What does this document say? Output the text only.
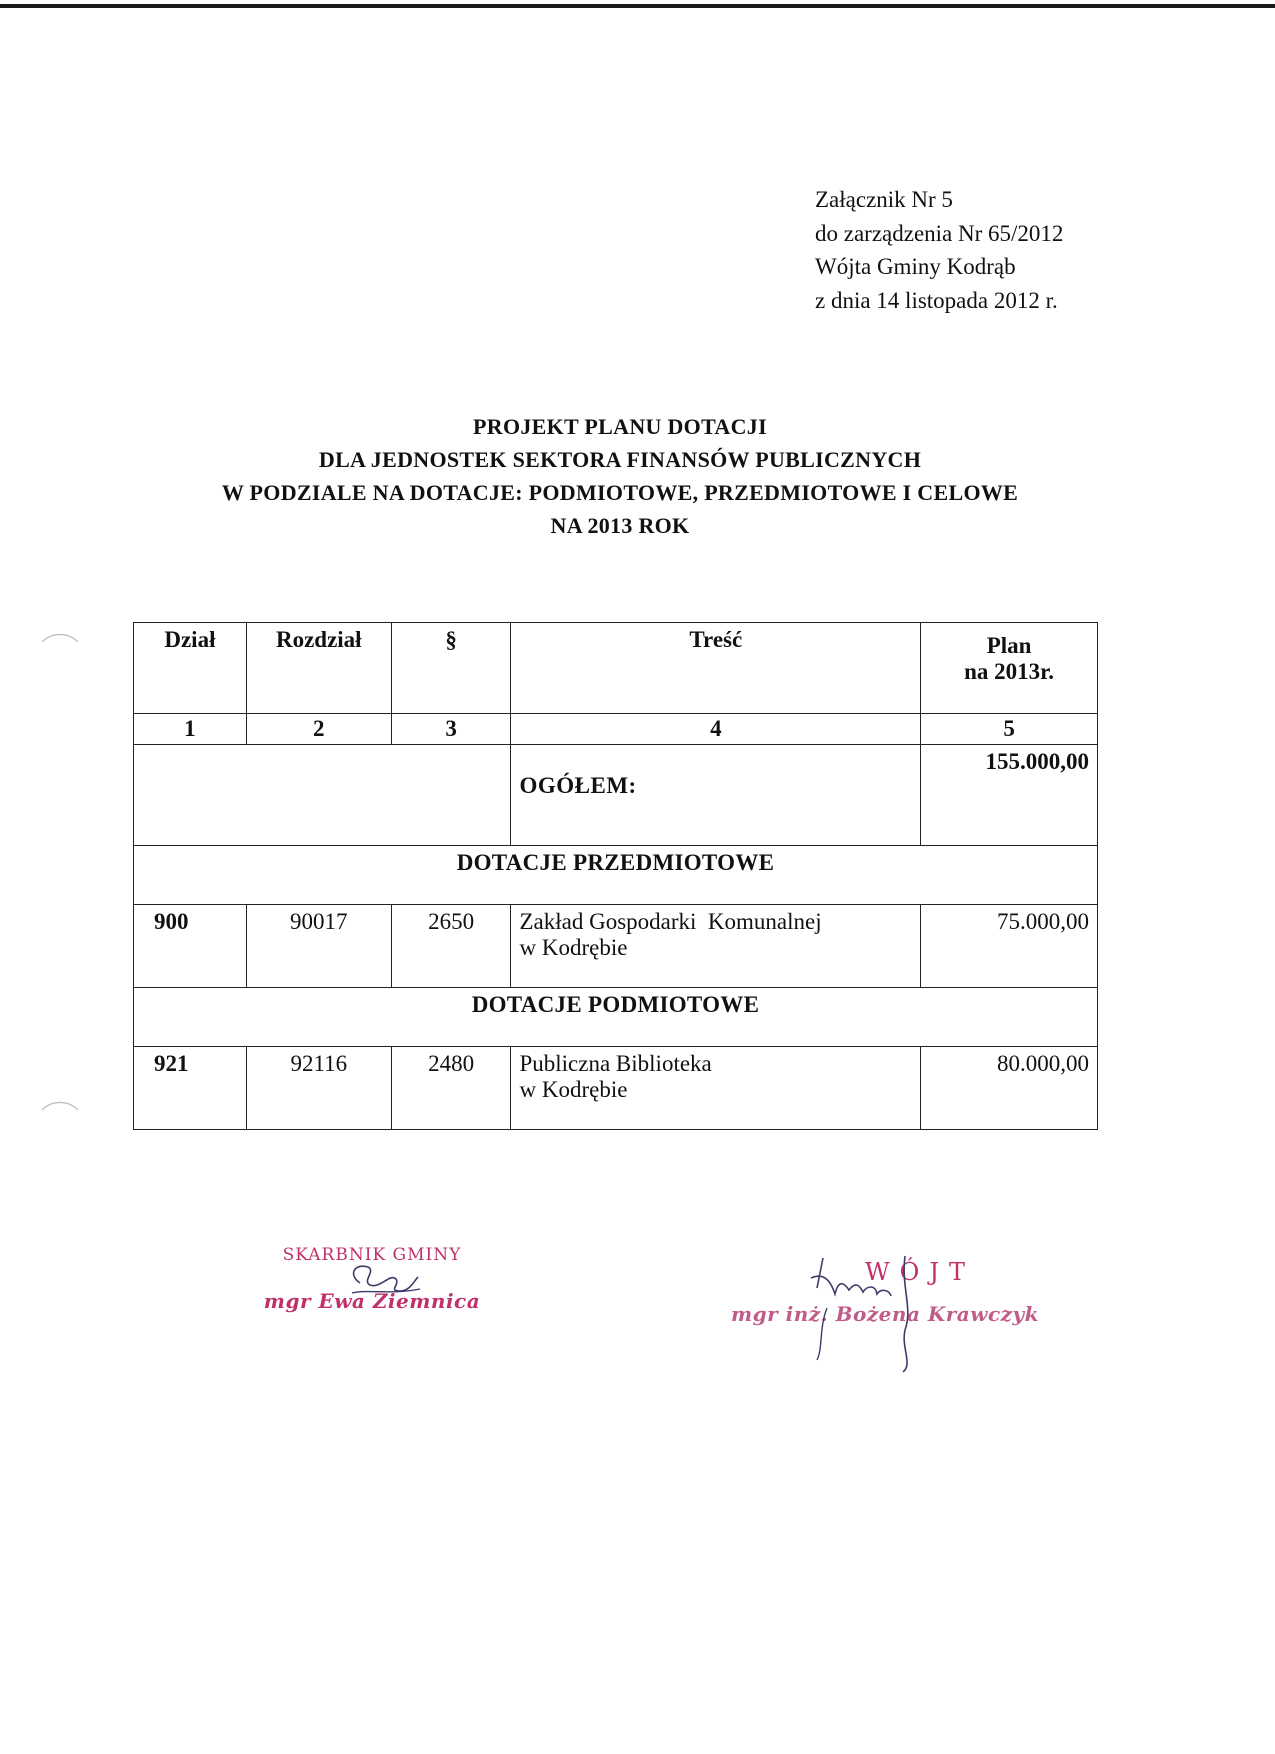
Załącznik Nr 5
do zarządzenia Nr 65/2012
Wójta Gminy Kodrąb
z dnia 14 listopada 2012 r.
PROJEKT PLANU DOTACJI
DLA JEDNOSTEK SEKTORA FINANSÓW PUBLICZNYCH
W PODZIALE NA DOTACJE: PODMIOTOWE, PRZEDMIOTOWE I CELOWE
NA 2013 ROK
Dział	Rozdział	§	Treść	Plan
na 2013r.

1	2	3	4	5

			OGÓŁEM:	155.000,00
DOTACJE PRZEDMIOTOWE				
900	90017	2650	Zakład Gospodarki  Komunalnej
w Kodrębie	75.000,00
DOTACJE PODMIOTOWE				
921	92116	2480	Publiczna Biblioteka
w Kodrębie	80.000,00
SKARBNIK GMINY
mgr Ewa Ziemnica
WÓJT
mgr inż. Bożena Krawczyk
